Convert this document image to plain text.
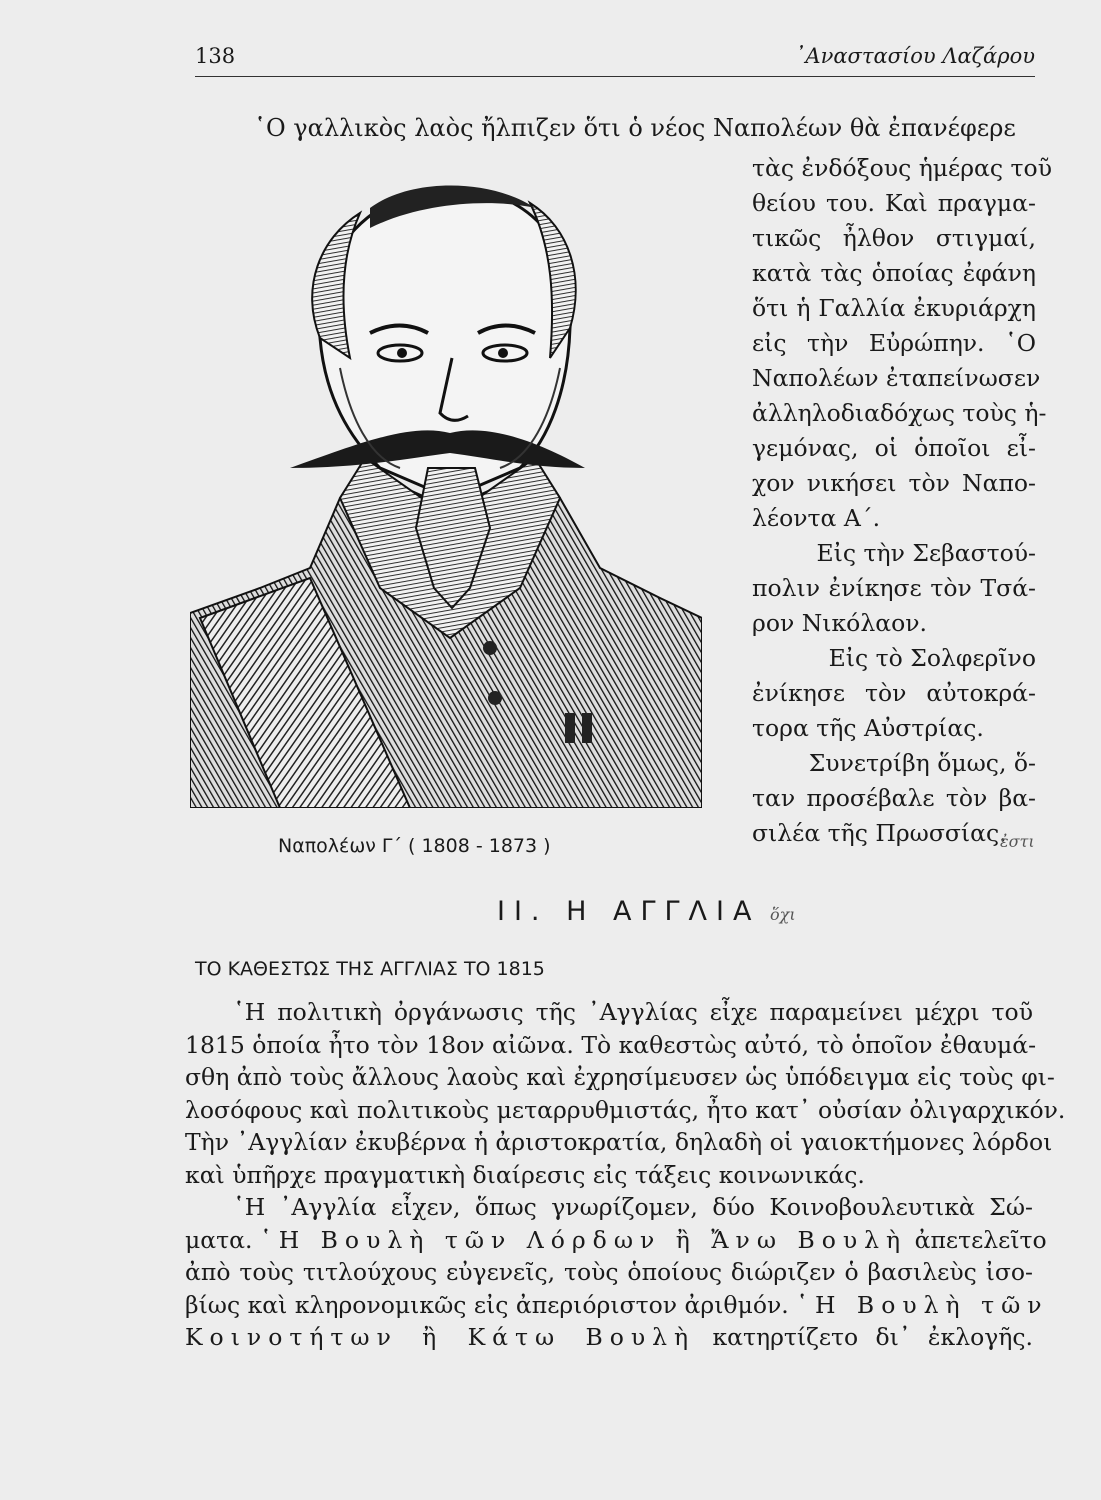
138	᾿Αναστασίου Λαζάρου
῾Ο γαλλικὸς λαὸς ἤλπιζεν ὅτι ὁ νέος Ναπολέων θὰ ἐπανέφερε
τὰς ἐνδόξους ἡμέρας τοῦ
θείου του. Καὶ πραγμα-
τικῶς ἦλθον στιγμαί,
κατὰ τὰς ὁποίας ἐφάνη
ὅτι ἡ Γαλλία ἐκυριάρχη
εἰς τὴν Εὐρώπην. ῾Ο
Ναπολέων ἐταπείνωσεν
ἀλληλοδιαδόχως τοὺς ἡ-
γεμόνας, οἱ ὁποῖοι εἶ-
χον νικήσει τὸν Ναπο-
λέοντα Α΄.
Εἰς τὴν Σεβαστού-
πολιν ἐνίκησε τὸν Τσά-
ρον Νικόλαον.
Εἰς τὸ Σολφερῖνο
ἐνίκησε τὸν αὐτοκρά-
τορα τῆς Αὐστρίας.
Συνετρίβη ὅμως, ὅ-
ταν προσέβαλε τὸν βα-
σιλέα τῆς Πρωσσίας.
Ναπολέων Γ΄ ( 1808 - 1873 )
ΙΙ. Η ΑΓΓΛΙΑ ὅχι
ἐστι
ΤΟ ΚΑΘΕΣΤΩΣ ΤΗΣ ΑΓΓΛΙΑΣ ΤΟ 1815
῾Η πολιτικὴ ὀργάνωσις τῆς ᾿Αγγλίας εἶχε παραμείνει μέχρι τοῦ
1815 ὁποία ἦτο τὸν 18ον αἰῶνα. Τὸ καθεστὼς αὐτό, τὸ ὁποῖον ἐθαυμά-
σθη ἀπὸ τοὺς ἄλλους λαοὺς καὶ ἐχρησίμευσεν ὡς ὑπόδειγμα εἰς τοὺς φι-
λοσόφους καὶ πολιτικοὺς μεταρρυθμιστάς, ἦτο κατ᾿ οὐσίαν ὀλιγαρχικόν.
Τὴν ᾿Αγγλίαν ἐκυβέρνα ἡ ἀριστοκρατία, δηλαδὴ οἱ γαιοκτήμονες λόρδοι
καὶ ὑπῆρχε πραγματικὴ διαίρεσις εἰς τάξεις κοινωνικάς.
῾Η ᾿Αγγλία εἶχεν, ὅπως γνωρίζομεν, δύο Κοινοβουλευτικὰ Σώ-
ματα. ῾Η Βουλὴ τῶν Λόρδων ἢ Ἄνω Βουλὴ ἀπετελεῖτο
ἀπὸ τοὺς τιτλούχους εὐγενεῖς, τοὺς ὁποίους διώριζεν ὁ βασιλεὺς ἰσο-
βίως καὶ κληρονομικῶς εἰς ἀπεριόριστον ἀριθμόν. ῾Η Βουλὴ τῶν
Κοινοτήτων ἢ Κάτω Βουλὴ κατηρτίζετο δι᾿ ἐκλογῆς.
